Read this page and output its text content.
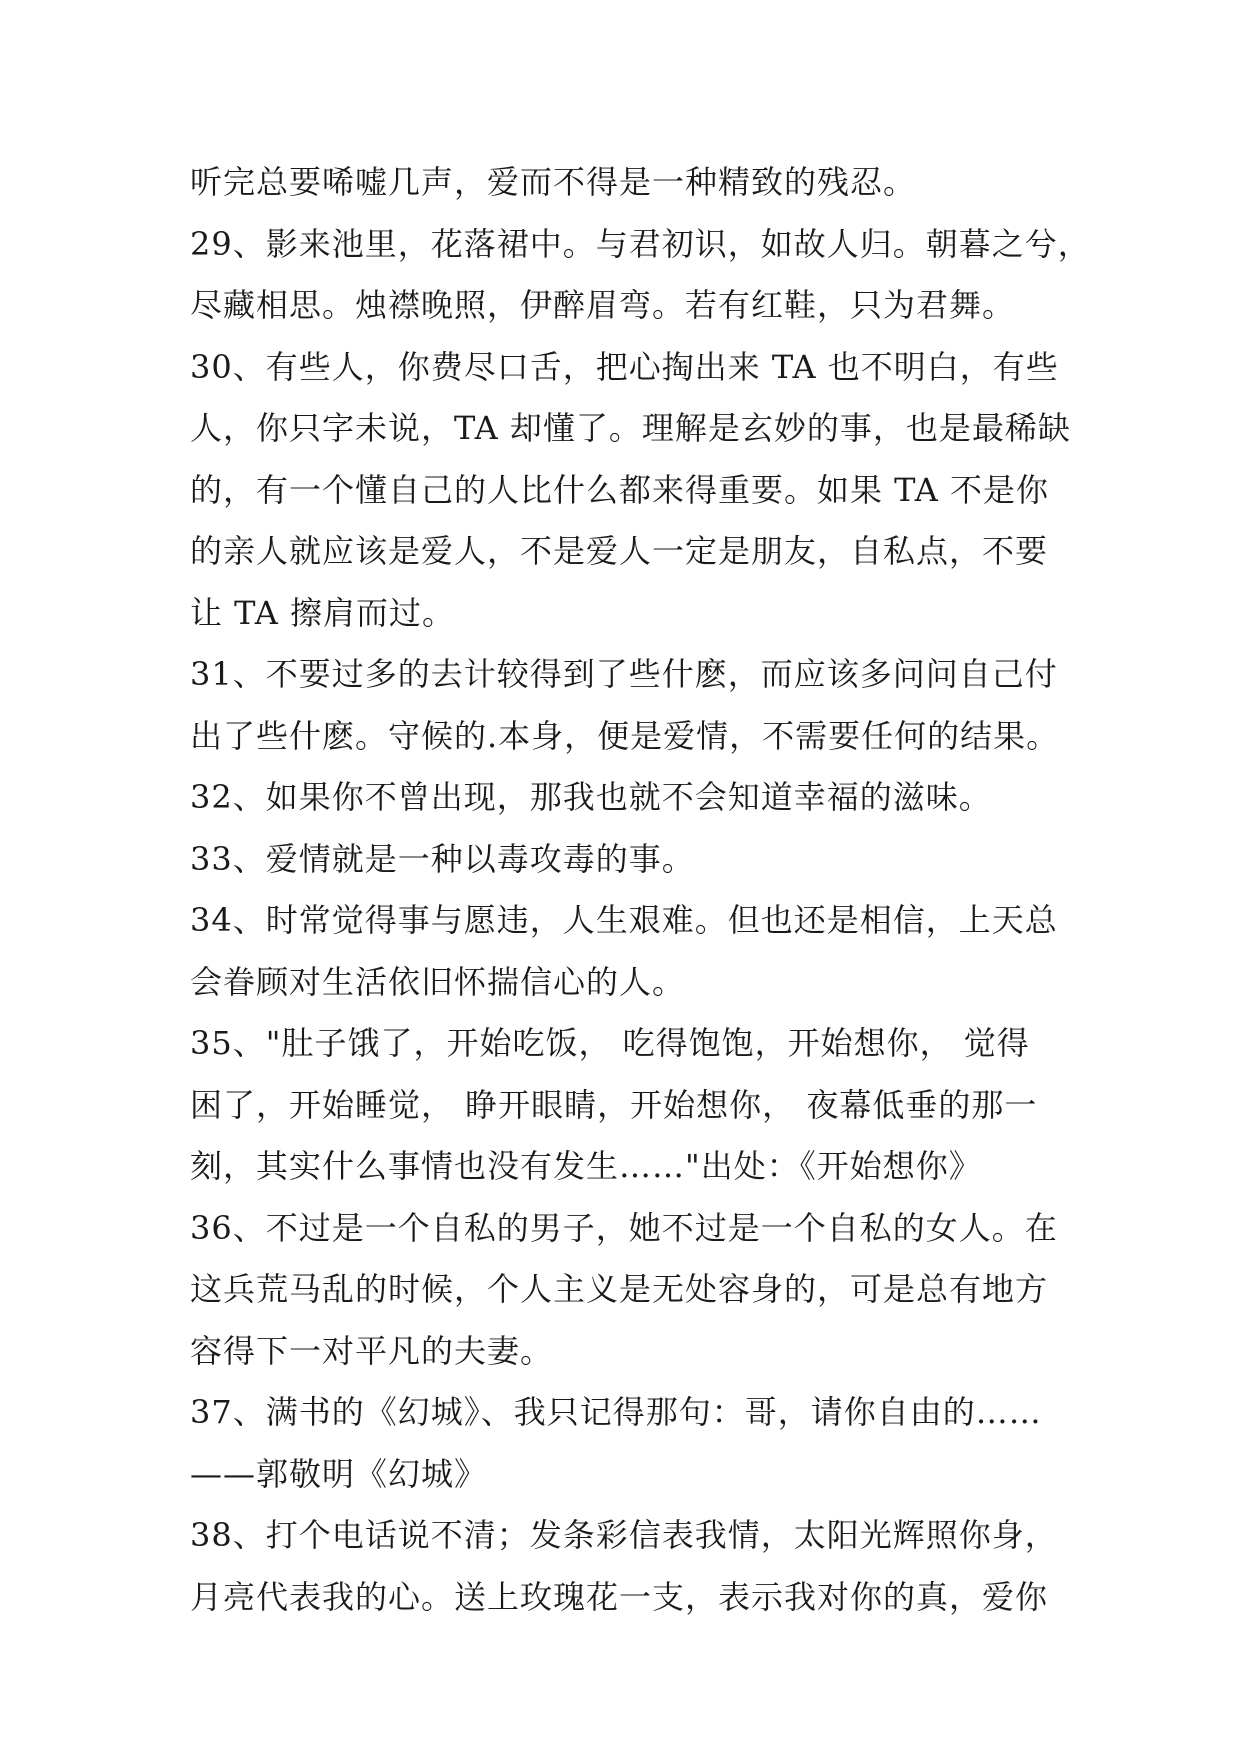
听完总要唏嘘几声，爱而不得是一种精致的残忍。
29、影来池里，花落裙中。与君初识，如故人归。朝暮之兮，
尽藏相思。烛襟晚照，伊醉眉弯。若有红鞋，只为君舞。
30、有些人，你费尽口舌，把心掏出来 TA 也不明白，有些
人，你只字未说，TA 却懂了。理解是玄妙的事，也是最稀缺
的，有一个懂自己的人比什么都来得重要。如果 TA 不是你
的亲人就应该是爱人，不是爱人一定是朋友，自私点，不要
让 TA 擦肩而过。
31、不要过多的去计较得到了些什麽，而应该多问问自己付
出了些什麽。守候的.本身，便是爱情，不需要任何的结果。
32、如果你不曾出现，那我也就不会知道幸福的滋味。
33、爱情就是一种以毒攻毒的事。
34、时常觉得事与愿违，人生艰难。但也还是相信，上天总
会眷顾对生活依旧怀揣信心的人。
35、"肚子饿了，开始吃饭， 吃得饱饱，开始想你， 觉得
困了，开始睡觉， 睁开眼睛，开始想你， 夜幕低垂的那一
刻，其实什么事情也没有发生……"出处：《开始想你》
36、不过是一个自私的男子，她不过是一个自私的女人。在
这兵荒马乱的时候，个人主义是无处容身的，可是总有地方
容得下一对平凡的夫妻。
37、满书的《幻城》、我只记得那句：哥，请你自由的……
——郭敬明《幻城》
38、打个电话说不清；发条彩信表我情，太阳光辉照你身，
月亮代表我的心。送上玫瑰花一支，表示我对你的真，爱你
